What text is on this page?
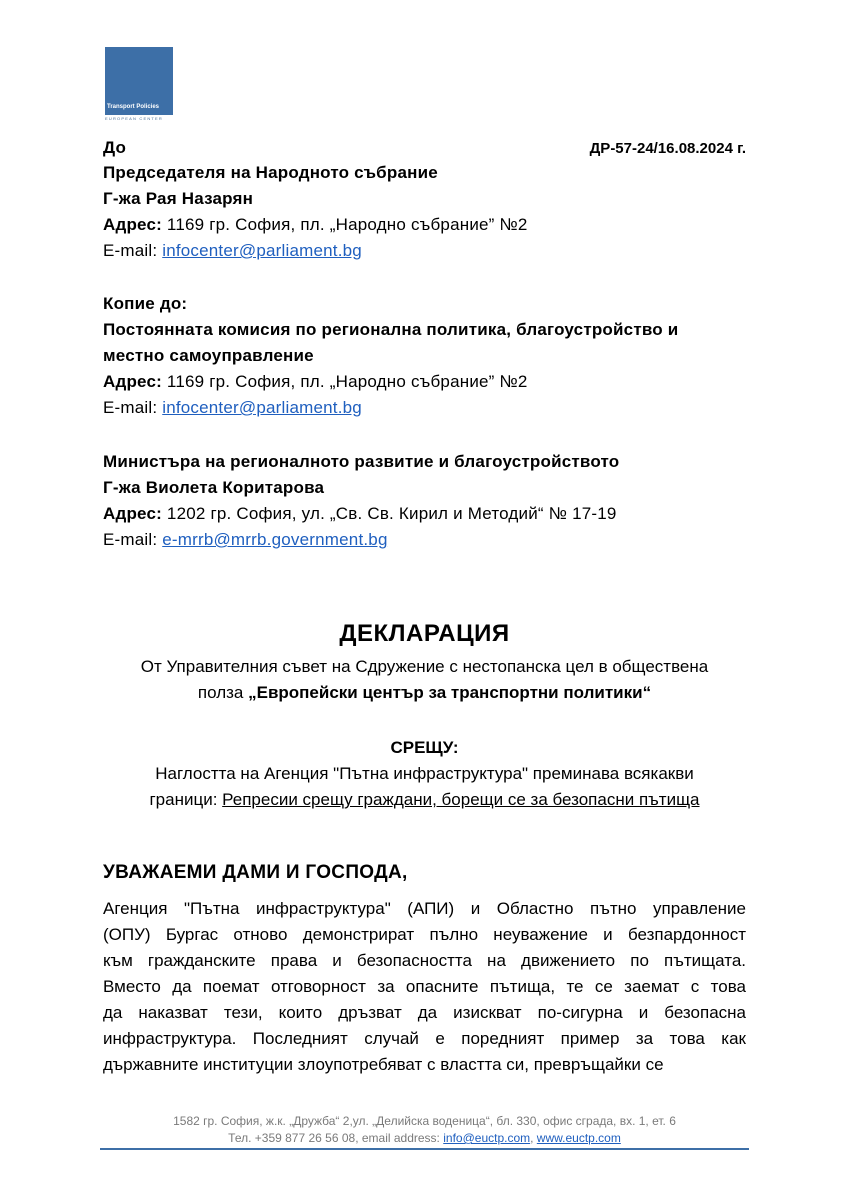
Transport Policies
EUROPEAN CENTER
ДР-57-24/16.08.2024 г.
До
Председателя на Народното събрание
Г-жа Рая Назарян
Адрес: 1169 гр. София, пл. „Народно събрание” №2
E-mail: infocenter@parliament.bg
Копие до:
Постоянната комисия по регионална политика, благоустройство и
местно самоуправление
Адрес: 1169 гр. София, пл. „Народно събрание” №2
E-mail: infocenter@parliament.bg
Министъра на регионалното развитие и благоустройството
Г-жа Виолета Коритарова
Адрес: 1202 гр. София, ул. „Св. Св. Кирил и Методий“ № 17-19
E-mail: e-mrrb@mrrb.government.bg
ДЕКЛАРАЦИЯ
От Управителния съвет на Сдружение с нестопанска цел в обществена
полза „Европейски център за транспортни политики“
СРЕЩУ:
Наглостта на Агенция "Пътна инфраструктура" преминава всякакви
граници: Репресии срещу граждани, борещи се за безопасни пътища
УВАЖАЕМИ ДАМИ И ГОСПОДА,
Агенция "Пътна инфраструктура" (АПИ) и Областно пътно управление
(ОПУ) Бургас отново демонстрират пълно неуважение и безпардонност
към гражданските права и безопасността на движението по пътищата.
Вместо да поемат отговорност за опасните пътища, те се заемат с това
да наказват тези, които дръзват да изискват по-сигурна и безопасна
инфраструктура. Последният случай е поредният пример за това как
държавните институции злоупотребяват с властта си, превръщайки се
1582 гр. София, ж.к. „Дружба“ 2,ул. „Делийска воденица“, бл. 330, офис сграда, вх. 1, ет. 6
Тел. +359 877 26 56 08, email address: info@euctp.com, www.euctp.com
